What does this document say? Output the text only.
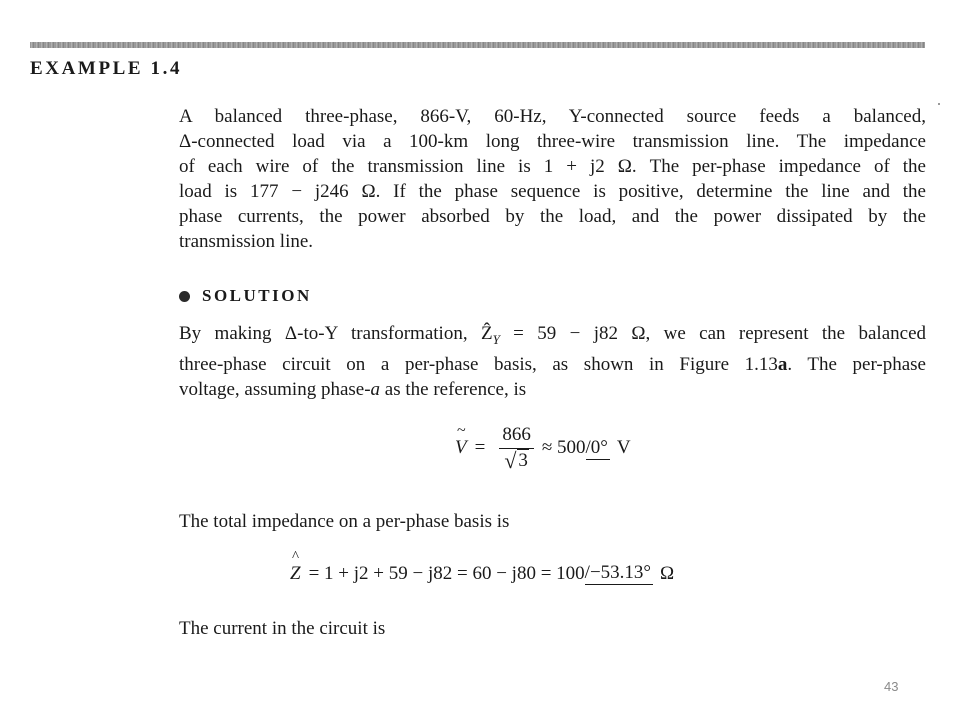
EXAMPLE 1.4
A balanced three-phase, 866-V, 60-Hz, Y-connected source feeds a balanced,
Δ-connected load via a 100-km long three-wire transmission line. The impedance
of each wire of the transmission line is 1 + j2 Ω. The per-phase impedance of the
load is 177 − j246 Ω. If the phase sequence is positive, determine the line and the
phase currents, the power absorbed by the load, and the power dissipated by the
transmission line.
SOLUTION
By making Δ-to-Y transformation, Ẑ$_Y$ = 59 − j82 Ω, we can represent the balanced
three-phase circuit on a per-phase basis, as shown in Figure 1.13a. The per-phase
voltage, assuming phase-a as the reference, is
~ $V = \frac{866}{√ 3} \approx 500$ /0° V
The total impedance on a per-phase basis is
^ Z = 1 + j2 + 59 − j82 = 60 − j80 = 100 /−53.13° Ω
The current in the circuit is
43
